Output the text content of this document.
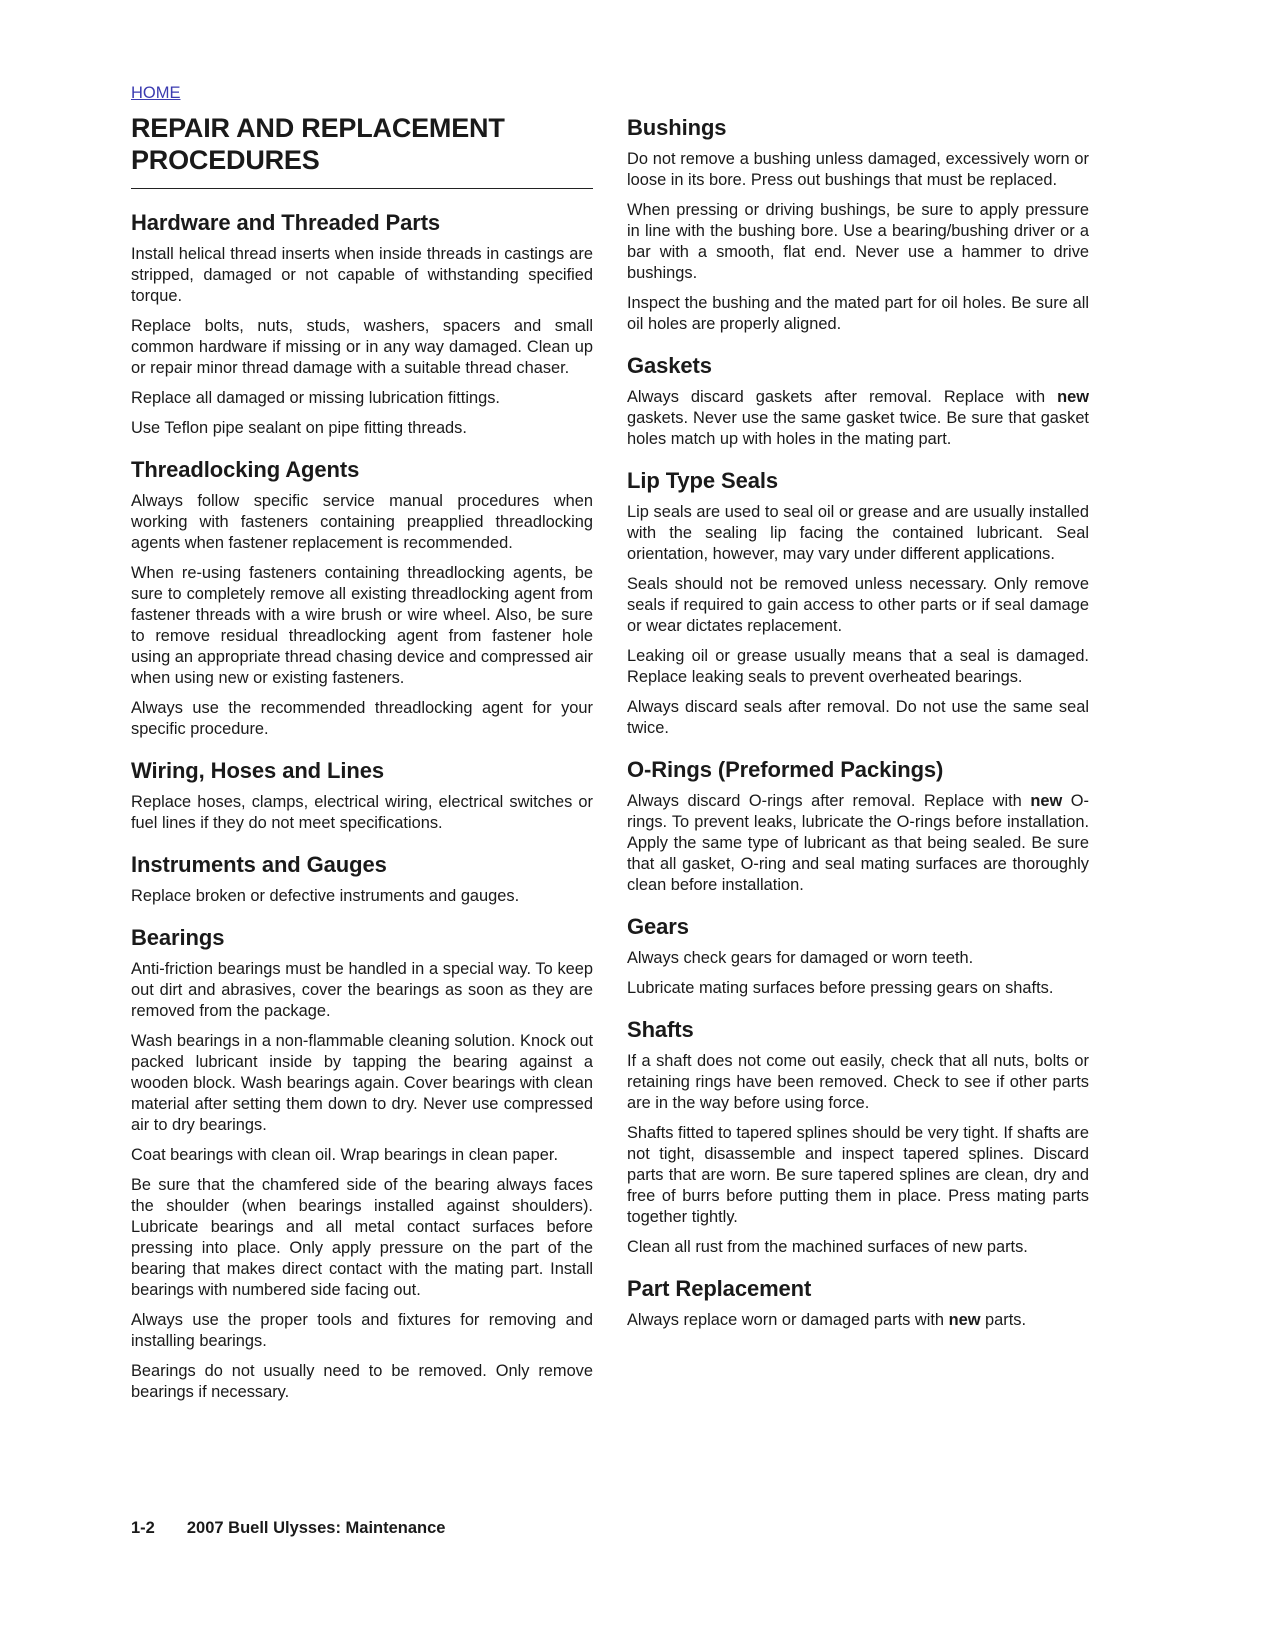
HOME
REPAIR AND REPLACEMENT PROCEDURES
Hardware and Threaded Parts

Install helical thread inserts when inside threads in castings are stripped, damaged or not capable of withstanding specified torque.

Replace bolts, nuts, studs, washers, spacers and small common hardware if missing or in any way damaged. Clean up or repair minor thread damage with a suitable thread chaser.

Replace all damaged or missing lubrication fittings.

Use Teflon pipe sealant on pipe fitting threads.

Threadlocking Agents

Always follow specific service manual procedures when working with fasteners containing preapplied threadlocking agents when fastener replacement is recommended.

When re-using fasteners containing threadlocking agents, be sure to completely remove all existing threadlocking agent from fastener threads with a wire brush or wire wheel. Also, be sure to remove residual threadlocking agent from fastener hole using an appropriate thread chasing device and compressed air when using new or existing fasteners.

Always use the recommended threadlocking agent for your specific procedure.

Wiring, Hoses and Lines

Replace hoses, clamps, electrical wiring, electrical switches or fuel lines if they do not meet specifications.

Instruments and Gauges

Replace broken or defective instruments and gauges.

Bearings

Anti-friction bearings must be handled in a special way. To keep out dirt and abrasives, cover the bearings as soon as they are removed from the package.

Wash bearings in a non-flammable cleaning solution. Knock out packed lubricant inside by tapping the bearing against a wooden block. Wash bearings again. Cover bearings with clean material after setting them down to dry. Never use compressed air to dry bearings.

Coat bearings with clean oil. Wrap bearings in clean paper.

Be sure that the chamfered side of the bearing always faces the shoulder (when bearings installed against shoulders). Lubricate bearings and all metal contact surfaces before pressing into place. Only apply pressure on the part of the bearing that makes direct contact with the mating part. Install bearings with numbered side facing out.

Always use the proper tools and fixtures for removing and installing bearings.

Bearings do not usually need to be removed. Only remove bearings if necessary.

Bushings

Do not remove a bushing unless damaged, excessively worn or loose in its bore. Press out bushings that must be replaced.

When pressing or driving bushings, be sure to apply pressure in line with the bushing bore. Use a bearing/bushing driver or a bar with a smooth, flat end. Never use a hammer to drive bushings.

Inspect the bushing and the mated part for oil holes. Be sure all oil holes are properly aligned.

Gaskets

Always discard gaskets after removal. Replace with new gaskets. Never use the same gasket twice. Be sure that gasket holes match up with holes in the mating part.

Lip Type Seals

Lip seals are used to seal oil or grease and are usually installed with the sealing lip facing the contained lubricant. Seal orientation, however, may vary under different applications.

Seals should not be removed unless necessary. Only remove seals if required to gain access to other parts or if seal damage or wear dictates replacement.

Leaking oil or grease usually means that a seal is damaged. Replace leaking seals to prevent overheated bearings.

Always discard seals after removal. Do not use the same seal twice.

O-Rings (Preformed Packings)

Always discard O-rings after removal. Replace with new O-rings. To prevent leaks, lubricate the O-rings before installation. Apply the same type of lubricant as that being sealed. Be sure that all gasket, O-ring and seal mating surfaces are thoroughly clean before installation.

Gears

Always check gears for damaged or worn teeth.

Lubricate mating surfaces before pressing gears on shafts.

Shafts

If a shaft does not come out easily, check that all nuts, bolts or retaining rings have been removed. Check to see if other parts are in the way before using force.

Shafts fitted to tapered splines should be very tight. If shafts are not tight, disassemble and inspect tapered splines. Discard parts that are worn. Be sure tapered splines are clean, dry and free of burrs before putting them in place. Press mating parts together tightly.

Clean all rust from the machined surfaces of new parts.

Part Replacement

Always replace worn or damaged parts with new parts.

1-2 2007 Buell Ulysses: Maintenance
